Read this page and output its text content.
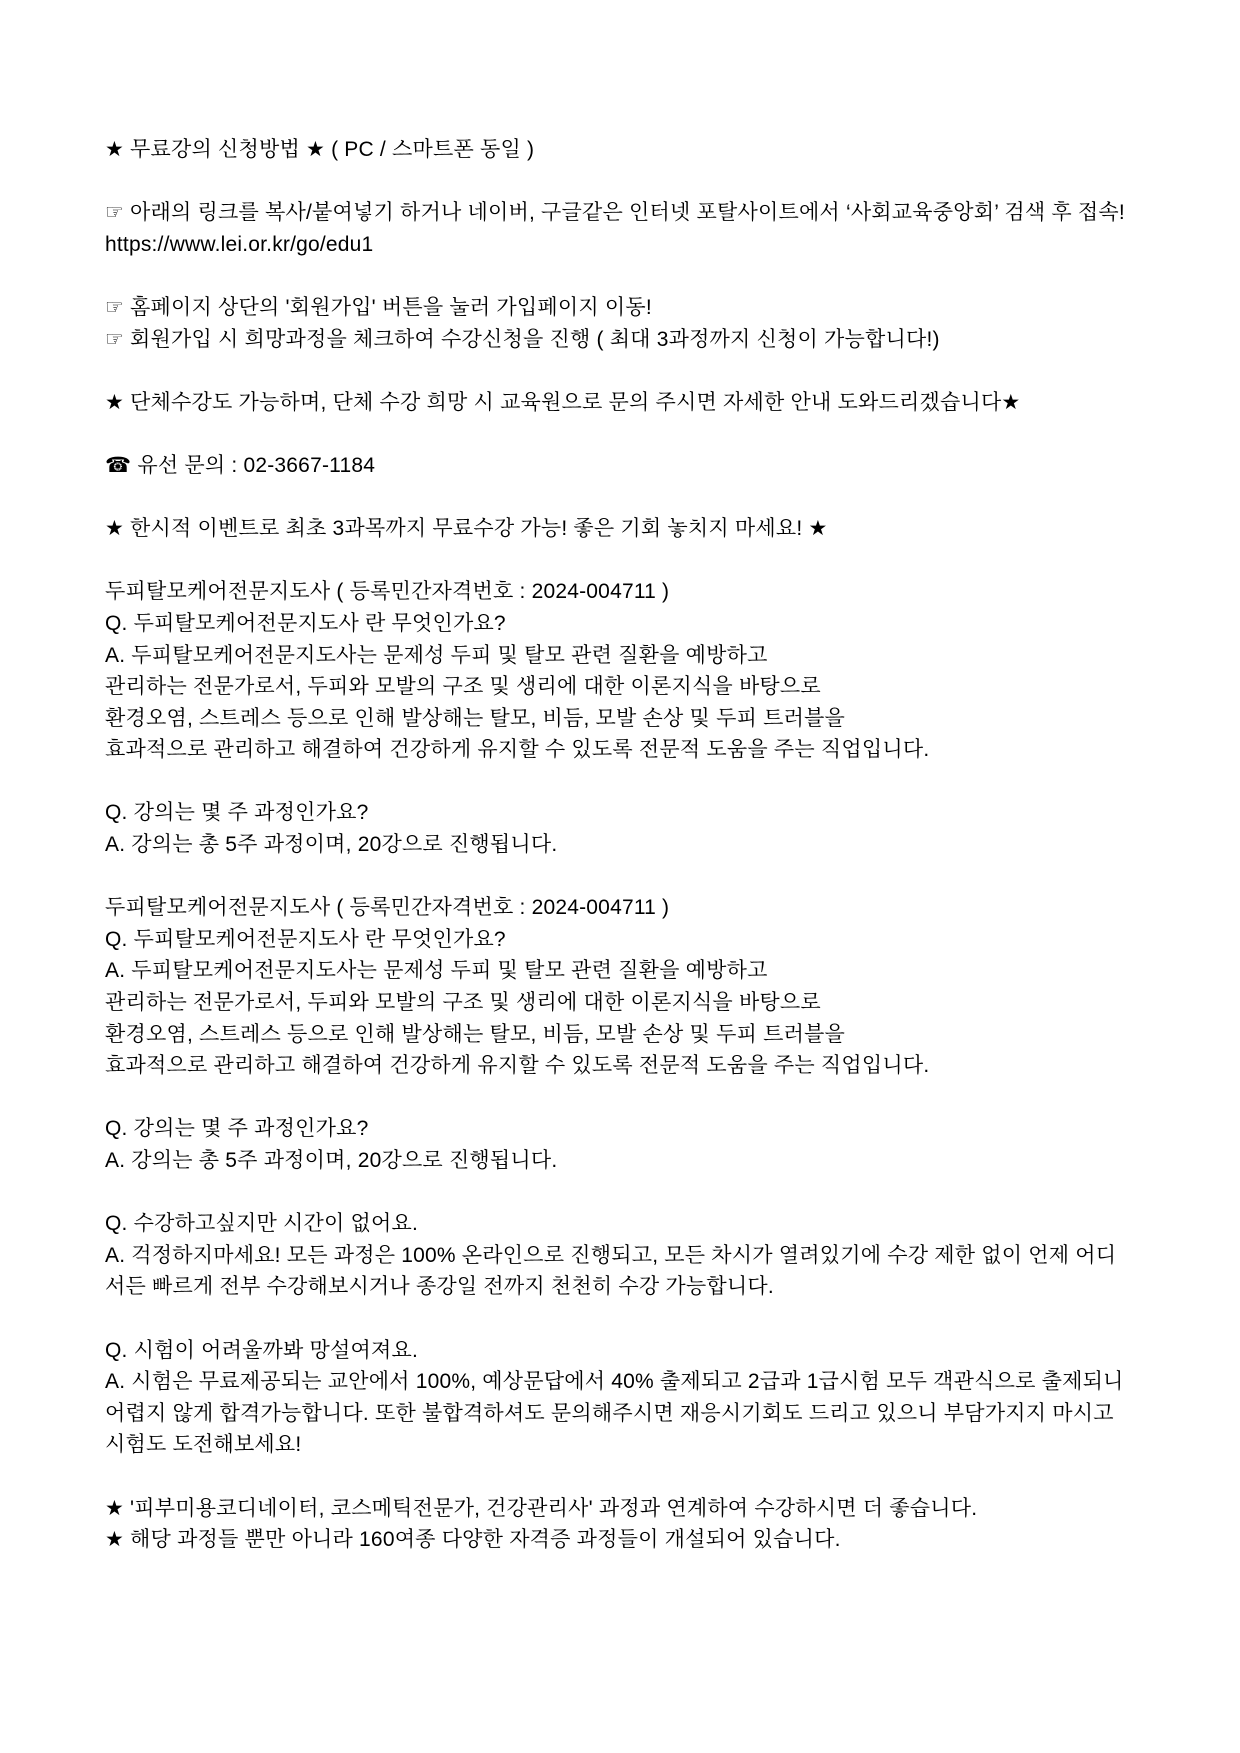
★ 무료강의 신청방법 ★ ( PC / 스마트폰 동일 )
☞ 아래의 링크를 복사/붙여넣기 하거나 네이버, 구글같은 인터넷 포탈사이트에서 ‘사회교육중앙회’ 검색 후 접속!
https://www.lei.or.kr/go/edu1
☞ 홈페이지 상단의 '회원가입' 버튼을 눌러 가입페이지 이동!
☞ 회원가입 시 희망과정을 체크하여 수강신청을 진행 ( 최대 3과정까지 신청이 가능합니다!)
★ 단체수강도 가능하며, 단체 수강 희망 시 교육원으로 문의 주시면 자세한 안내 도와드리겠습니다★
☎ 유선 문의 : 02-3667-1184
★ 한시적 이벤트로 최초 3과목까지 무료수강 가능! 좋은 기회 놓치지 마세요! ★
두피탈모케어전문지도사 ( 등록민간자격번호 : 2024-004711 )
Q. 두피탈모케어전문지도사 란 무엇인가요?
A. 두피탈모케어전문지도사는 문제성 두피 및 탈모 관련 질환을 예방하고
관리하는 전문가로서, 두피와 모발의 구조 및 생리에 대한 이론지식을 바탕으로
환경오염, 스트레스 등으로 인해 발상해는 탈모, 비듬, 모발 손상 및 두피 트러블을
효과적으로 관리하고 해결하여 건강하게 유지할 수 있도록 전문적 도움을 주는 직업입니다.
Q. 강의는 몇 주 과정인가요?
A. 강의는 총 5주 과정이며, 20강으로 진행됩니다.
두피탈모케어전문지도사 ( 등록민간자격번호 : 2024-004711 )
Q. 두피탈모케어전문지도사 란 무엇인가요?
A. 두피탈모케어전문지도사는 문제성 두피 및 탈모 관련 질환을 예방하고
관리하는 전문가로서, 두피와 모발의 구조 및 생리에 대한 이론지식을 바탕으로
환경오염, 스트레스 등으로 인해 발상해는 탈모, 비듬, 모발 손상 및 두피 트러블을
효과적으로 관리하고 해결하여 건강하게 유지할 수 있도록 전문적 도움을 주는 직업입니다.
Q. 강의는 몇 주 과정인가요?
A. 강의는 총 5주 과정이며, 20강으로 진행됩니다.
Q. 수강하고싶지만 시간이 없어요.
A. 걱정하지마세요! 모든 과정은 100% 온라인으로 진행되고, 모든 차시가 열려있기에 수강 제한 없이 언제 어디서든 빠르게 전부 수강해보시거나 종강일 전까지 천천히 수강 가능합니다.
Q. 시험이 어려울까봐 망설여져요.
A. 시험은 무료제공되는 교안에서 100%, 예상문답에서 40% 출제되고 2급과 1급시험 모두 객관식으로 출제되니 어렵지 않게 합격가능합니다. 또한 불합격하셔도 문의해주시면 재응시기회도 드리고 있으니 부담가지지 마시고 시험도 도전해보세요!
★ '피부미용코디네이터, 코스메틱전문가, 건강관리사' 과정과 연계하여 수강하시면 더 좋습니다.
★ 해당 과정들 뿐만 아니라 160여종 다양한 자격증 과정들이 개설되어 있습니다.
